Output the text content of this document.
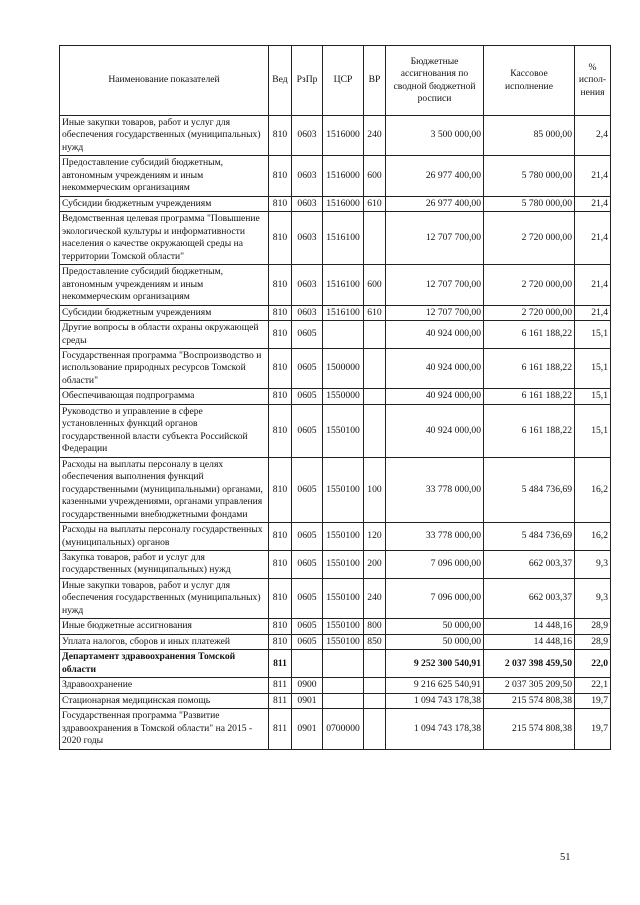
Наименование показателей	Вед	РзПр	ЦСР	ВР	Бюджетные ассигнования по сводной бюджетной росписи	Кассовое исполнение	% испол-нения
Иные закупки товаров, работ и услуг для обеспечения государственных (муниципальных) нужд	810	0603	1516000	240	3 500 000,00	85 000,00	2,4
Предоставление субсидий бюджетным, автономным учреждениям и иным некоммерческим организациям	810	0603	1516000	600	26 977 400,00	5 780 000,00	21,4
Субсидии бюджетным учреждениям	810	0603	1516000	610	26 977 400,00	5 780 000,00	21,4
Ведомственная целевая программа "Повышение экологической культуры и информативности населения о качестве окружающей среды на территории Томской области"	810	0603	1516100		12 707 700,00	2 720 000,00	21,4
Предоставление субсидий бюджетным, автономным учреждениям и иным некоммерческим организациям	810	0603	1516100	600	12 707 700,00	2 720 000,00	21,4
Субсидии бюджетным учреждениям	810	0603	1516100	610	12 707 700,00	2 720 000,00	21,4
Другие вопросы в области охраны окружающей среды	810	0605			40 924 000,00	6 161 188,22	15,1
Государственная программа "Воспроизводство и использование природных ресурсов Томской области"	810	0605	1500000		40 924 000,00	6 161 188,22	15,1
Обеспечивающая подпрограмма	810	0605	1550000		40 924 000,00	6 161 188,22	15,1
Руководство и управление в сфере установленных функций органов государственной власти субъекта Российской Федерации	810	0605	1550100		40 924 000,00	6 161 188,22	15,1
Расходы на выплаты персоналу в целях обеспечения выполнения функций государственными (муниципальными) органами, казенными учреждениями, органами управления государственными внебюджетными фондами	810	0605	1550100	100	33 778 000,00	5 484 736,69	16,2
Расходы на выплаты персоналу государственных (муниципальных) органов	810	0605	1550100	120	33 778 000,00	5 484 736,69	16,2
Закупка товаров, работ и услуг для государственных (муниципальных) нужд	810	0605	1550100	200	7 096 000,00	662 003,37	9,3
Иные закупки товаров, работ и услуг для обеспечения государственных (муниципальных) нужд	810	0605	1550100	240	7 096 000,00	662 003,37	9,3
Иные бюджетные ассигнования	810	0605	1550100	800	50 000,00	14 448,16	28,9
Уплата налогов, сборов и иных платежей	810	0605	1550100	850	50 000,00	14 448,16	28,9
Департамент здравоохранения Томской области	811				9 252 300 540,91	2 037 398 459,50	22,0
Здравоохранение	811	0900			9 216 625 540,91	2 037 305 209,50	22,1
Стационарная медицинская помощь	811	0901			1 094 743 178,38	215 574 808,38	19,7
Государственная программа "Развитие здравоохранения в Томской области" на 2015 - 2020 годы	811	0901	0700000		1 094 743 178,38	215 574 808,38	19,7
51
